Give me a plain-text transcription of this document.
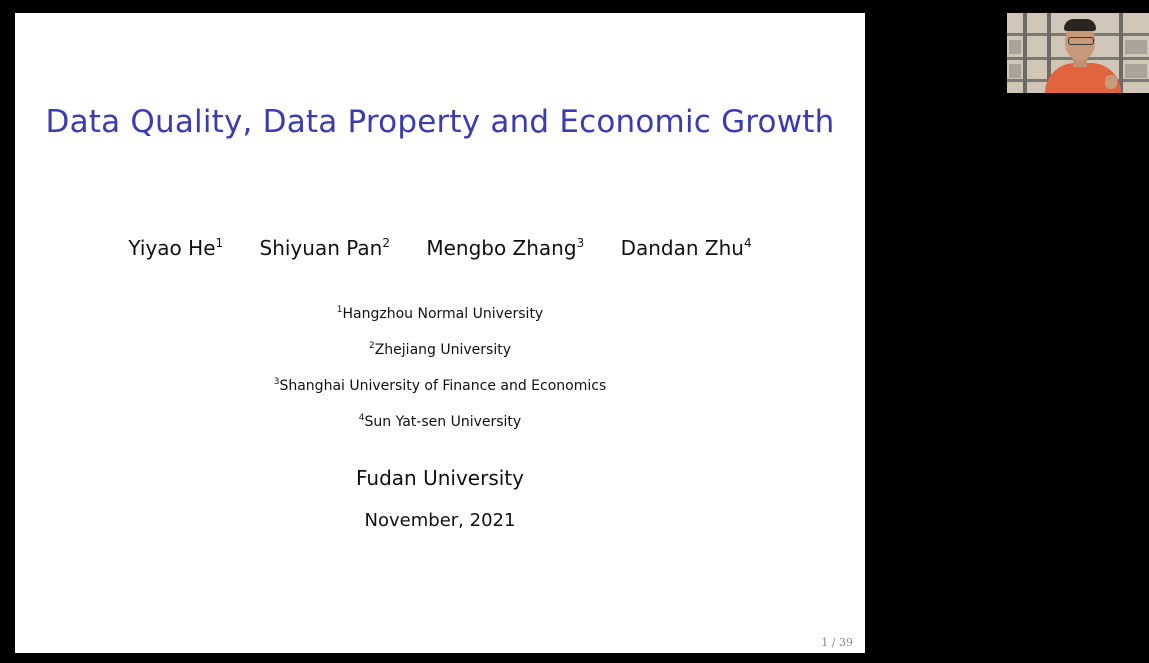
Data Quality, Data Property and Economic Growth
Yiyao He$^1$ Shiyuan Pan$^2$ Mengbo Zhang$^3$ Dandan Zhu$^4$
$^1$Hangzhou Normal University
$^2$Zhejiang University
$^3$Shanghai University of Finance and Economics
$^4$Sun Yat-sen University
Fudan University
November, 2021
1 / 39
